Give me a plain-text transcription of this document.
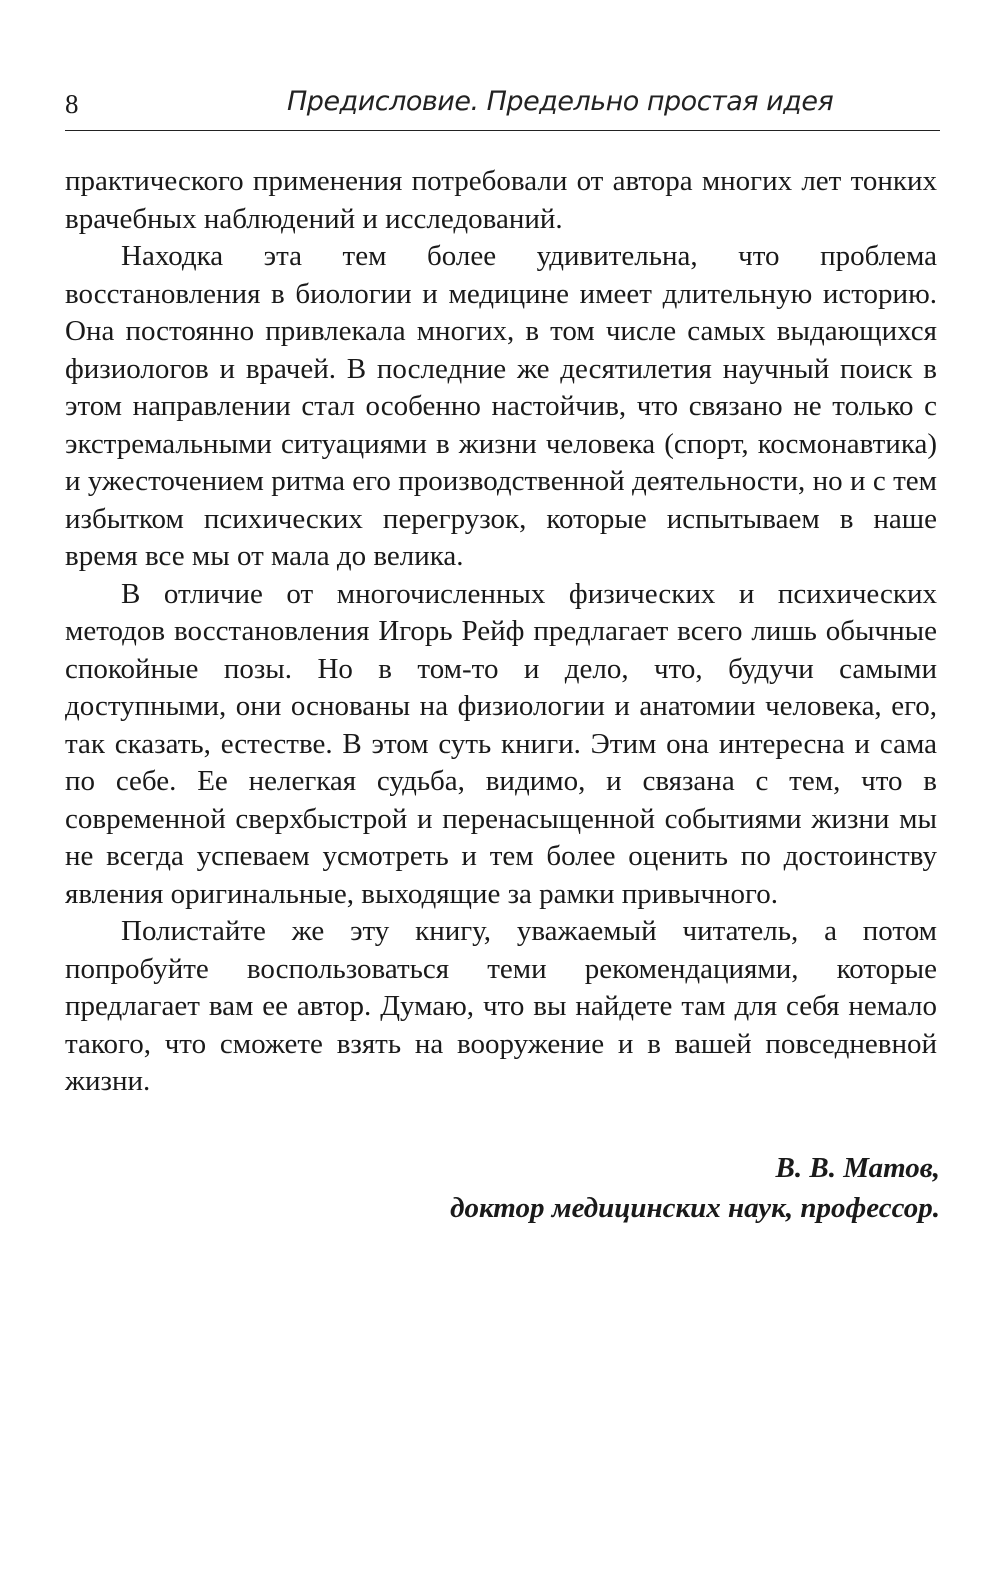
8	Предисловие. Предельно простая идея

практического применения потребовали от автора многих лет тонких врачебных наблюдений и исследований.

Находка эта тем более удивительна, что проблема восстановления в биологии и медицине имеет длительную историю. Она постоянно привлекала многих, в том числе самых выдающихся физиологов и врачей. В последние же десятилетия научный поиск в этом направлении стал особенно настойчив, что связано не только с экстремальными ситуациями в жизни человека (спорт, космонавтика) и ужесточением ритма его производственной деятельности, но и с тем избытком психических перегрузок, которые испытываем в наше время все мы от мала до велика.

В отличие от многочисленных физических и психических методов восстановления Игорь Рейф предлагает всего лишь обычные спокойные позы. Но в том-то и дело, что, будучи самыми доступными, они основаны на физиологии и анатомии человека, его, так сказать, естестве. В этом суть книги. Этим она интересна и сама по себе. Ее нелегкая судьба, видимо, и связана с тем, что в современной сверхбыстрой и перенасыщенной событиями жизни мы не всегда успеваем усмотреть и тем более оценить по достоинству явления оригинальные, выходящие за рамки привычного.

Полистайте же эту книгу, уважаемый читатель, а потом попробуйте воспользоваться теми рекомендациями, которые предлагает вам ее автор. Думаю, что вы найдете там для себя немало такого, что сможете взять на вооружение и в вашей повседневной жизни.

В. В. Матов,
доктор медицинских наук, профессор.
